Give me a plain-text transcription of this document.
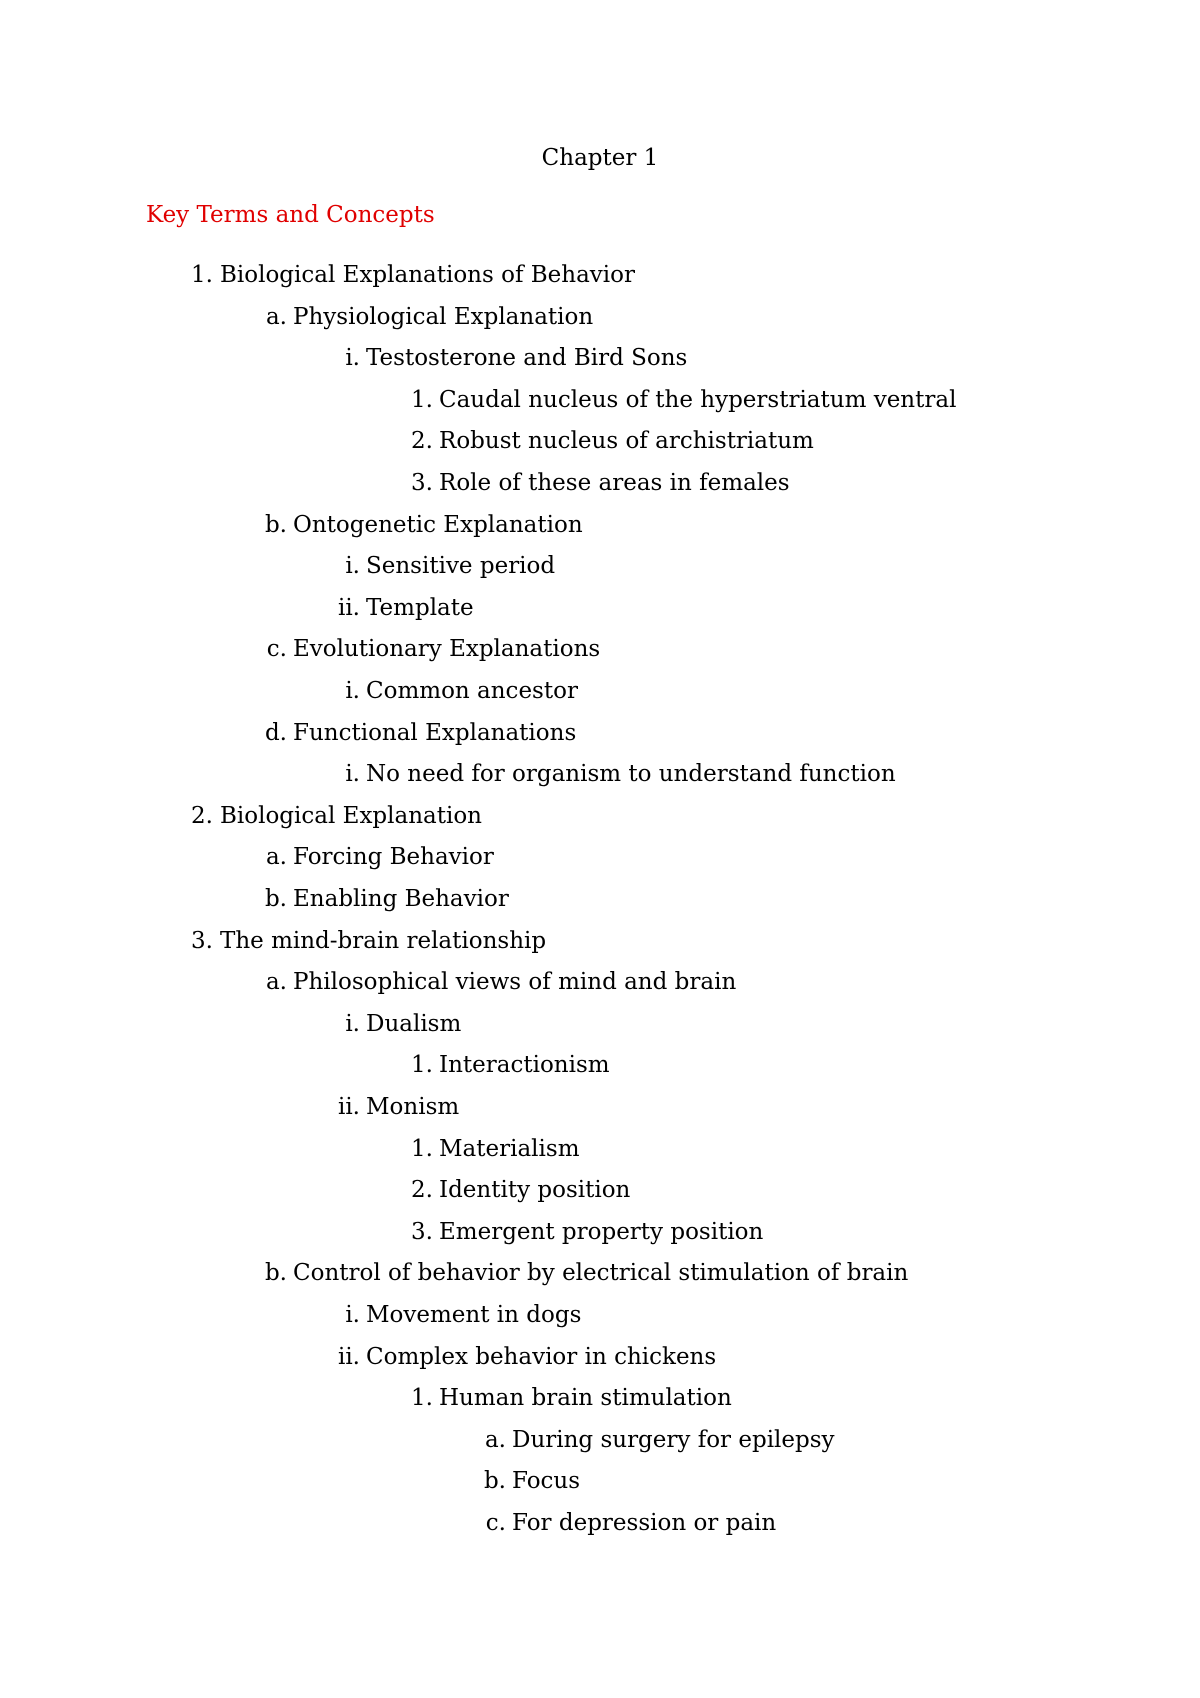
Chapter 1
Key Terms and Concepts
1. Biological Explanations of Behavior
a. Physiological Explanation
i. Testosterone and Bird Sons
1. Caudal nucleus of the hyperstriatum ventral
2. Robust nucleus of archistriatum
3. Role of these areas in females
b. Ontogenetic Explanation
i. Sensitive period
ii. Template
c. Evolutionary Explanations
i. Common ancestor
d. Functional Explanations
i. No need for organism to understand function
2. Biological Explanation
a. Forcing Behavior
b. Enabling Behavior
3. The mind-brain relationship
a. Philosophical views of mind and brain
i. Dualism
1. Interactionism
ii. Monism
1. Materialism
2. Identity position
3. Emergent property position
b. Control of behavior by electrical stimulation of brain
i. Movement in dogs
ii. Complex behavior in chickens
1. Human brain stimulation
a. During surgery for epilepsy
b. Focus
c. For depression or pain
